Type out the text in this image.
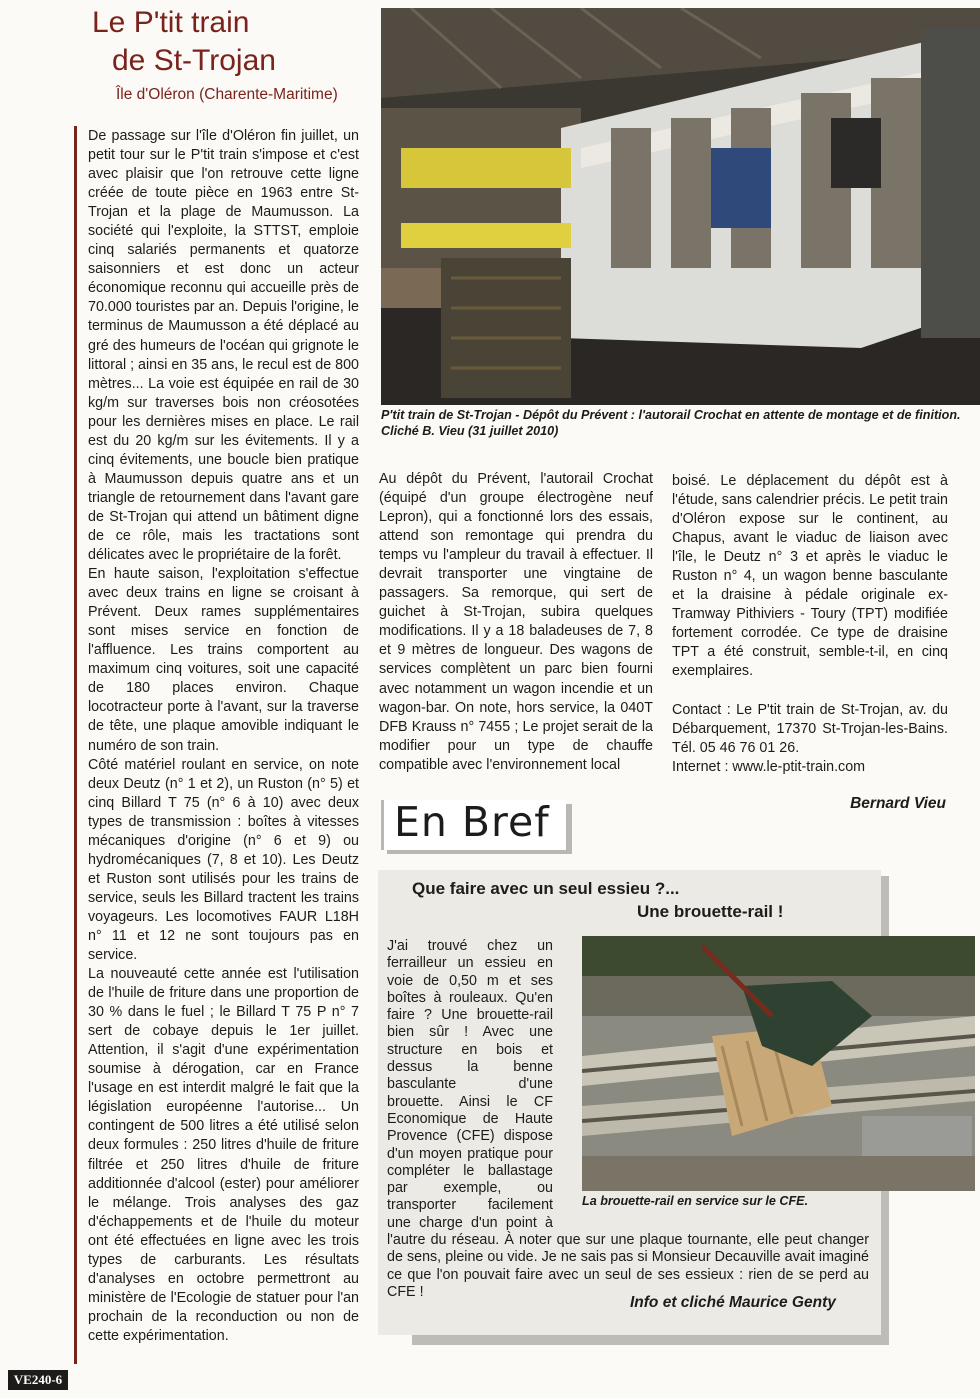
Le P'tit train
de St-Trojan
Île d'Oléron (Charente-Maritime)

De passage sur l'île d'Oléron fin juillet, un petit tour sur le P'tit train s'impose et c'est avec plaisir que l'on retrouve cette ligne créée de toute pièce en 1963 entre St-Trojan et la plage de Maumusson. La société qui l'exploite, la STTST, emploie cinq salariés permanents et quatorze saisonniers et est donc un acteur économique reconnu qui accueille près de 70.000 touristes par an. Depuis l'origine, le terminus de Maumusson a été déplacé au gré des humeurs de l'océan qui grignote le littoral ; ainsi en 35 ans, le recul est de 800 mètres... La voie est équipée en rail de 30 kg/m sur traverses bois non créosotées pour les dernières mises en place. Le rail est du 20 kg/m sur les évitements. Il y a cinq évitements, une boucle bien pratique à Maumusson depuis quatre ans et un triangle de retournement dans l'avant gare de St-Trojan qui attend un bâtiment digne de ce rôle, mais les tractations sont délicates avec le propriétaire de la forêt.

En haute saison, l'exploitation s'effectue avec deux trains en ligne se croisant à Prévent. Deux rames supplémentaires sont mises service en fonction de l'affluence. Les trains comportent au maximum cinq voitures, soit une capacité de 180 places environ. Chaque locotracteur porte à l'avant, sur la traverse de tête, une plaque amovible indiquant le numéro de son train.

Côté matériel roulant en service, on note deux Deutz (n° 1 et 2), un Ruston (n° 5) et cinq Billard T 75 (n° 6 à 10) avec deux types de transmission : boîtes à vitesses mécaniques d'origine (n° 6 et 9) ou hydromécaniques (7, 8 et 10). Les Deutz et Ruston sont utilisés pour les trains de service, seuls les Billard tractent les trains voyageurs. Les locomotives FAUR L18H n° 11 et 12 ne sont toujours pas en service.

La nouveauté cette année est l'utilisation de l'huile de friture dans une proportion de 30 % dans le fuel ; le Billard T 75 P n° 7 sert de cobaye depuis le 1er juillet. Attention, il s'agit d'une expérimentation soumise à dérogation, car en France l'usage en est interdit malgré le fait que la législation européenne l'autorise... Un contingent de 500 litres a été utilisé selon deux formules : 250 litres d'huile de friture filtrée et 250 litres d'huile de friture additionnée d'alcool (ester) pour améliorer le mélange. Trois analyses des gaz d'échappements et de l'huile du moteur ont été effectuées en ligne avec les trois types de carburants. Les résultats d'analyses en octobre permettront au ministère de l'Ecologie de statuer pour l'an prochain de la reconduction ou non de cette expérimentation.

P'tit train de St-Trojan - Dépôt du Prévent : l'autorail Crochat en attente de montage et de finition. Cliché B. Vieu (31 juillet 2010)

Au dépôt du Prévent, l'autorail Crochat (équipé d'un groupe électrogène neuf Lepron), qui a fonctionné lors des essais, attend son remontage qui prendra du temps vu l'ampleur du travail à effectuer. Il devrait transporter une vingtaine de passagers. Sa remorque, qui sert de guichet à St-Trojan, subira quelques modifications. Il y a 18 baladeuses de 7, 8 et 9 mètres de longueur. Des wagons de services complètent un parc bien fourni avec notamment un wagon incendie et un wagon-bar. On note, hors service, la 040T DFB Krauss n° 7455 ; Le projet serait de la modifier pour un type de chauffe compatible avec l'environnement local

boisé. Le déplacement du dépôt est à l'étude, sans calendrier précis. Le petit train d'Oléron expose sur le continent, au Chapus, avant le viaduc de liaison avec l'île, le Deutz n° 3 et après le viaduc le Ruston n° 4, un wagon benne basculante et la draisine à pédale originale ex-Tramway Pithiviers - Toury (TPT) modifiée fortement corrodée. Ce type de draisine TPT a été construit, semble-t-il, en cinq exemplaires.

Contact : Le P'tit train de St-Trojan, av. du Débarquement, 17370 St-Trojan-les-Bains. Tél. 05 46 76 01 26.

Internet : www.le-ptit-train.com

Bernard Vieu
En Bref
Que faire avec un seul essieu ?...
Une brouette-rail !
J'ai trouvé chez un ferrailleur un essieu en voie de 0,50 m et ses boîtes à rouleaux. Qu'en faire ? Une brouette-rail bien sûr ! Avec une structure en bois et dessus la benne basculante d'une brouette. Ainsi le CF Economique de Haute Provence (CFE) dispose d'un moyen pratique pour compléter le ballastage par exemple, ou transporter facilement une charge d'un point à l'autre du réseau. À noter que sur une plaque tournante, elle peut changer de sens, pleine ou vide. Je ne sais pas si Monsieur Decauville avait imaginé ce que l'on pouvait faire avec un seul de ses essieux : rien de se perd au CFE !
La brouette-rail en service sur le CFE.
Info et cliché Maurice Genty
VE240-6
